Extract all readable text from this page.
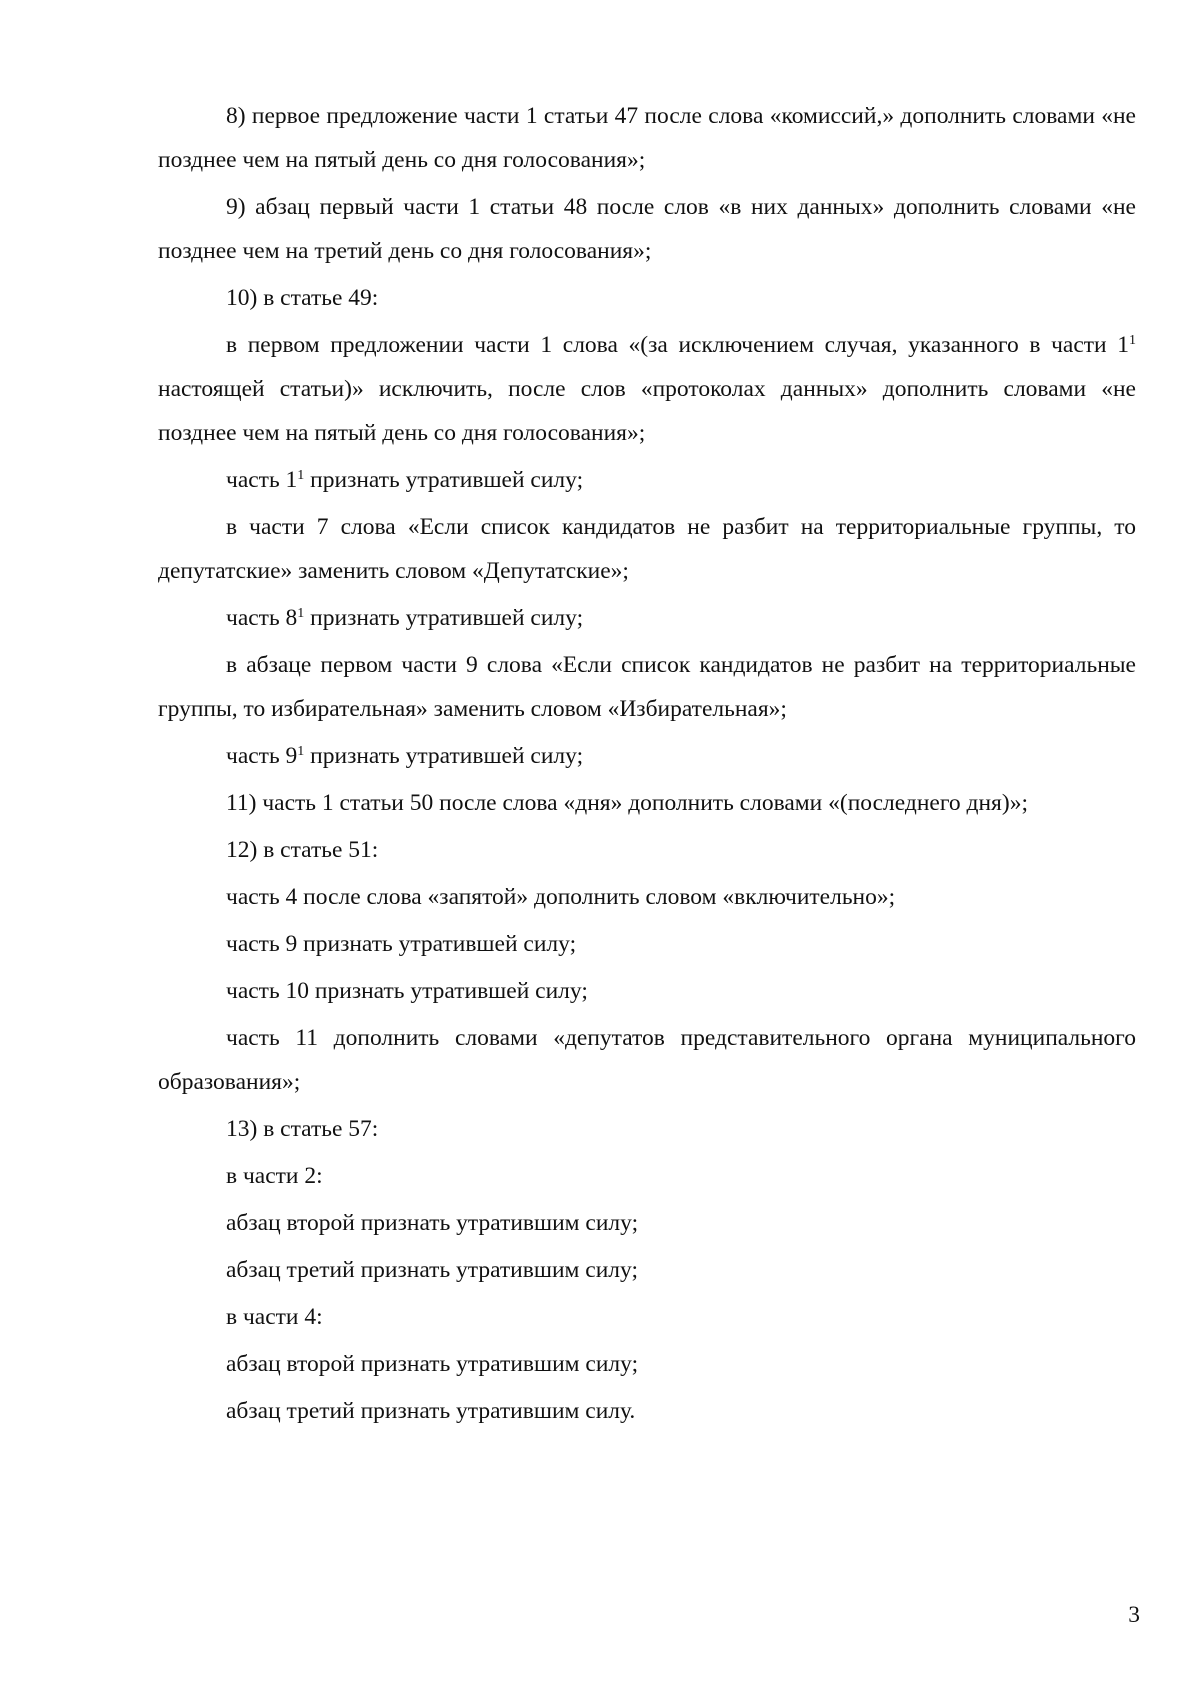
8) первое предложение части 1 статьи 47 после слова «комиссий,» дополнить словами «не позднее чем на пятый день со дня голосования»;

9) абзац первый части 1 статьи 48 после слов «в них данных» дополнить словами «не позднее чем на третий день со дня голосования»;

10) в статье 49:

в первом предложении части 1 слова «(за исключением случая, указанного в части $1^1$ настоящей статьи)» исключить, после слов «протоколах данных» дополнить словами «не позднее чем на пятый день со дня голосования»;

часть $1^1$ признать утратившей силу;

в части 7 слова «Если список кандидатов не разбит на территориальные группы, то депутатские» заменить словом «Депутатские»;

часть $8^1$ признать утратившей силу;

в абзаце первом части 9 слова «Если список кандидатов не разбит на территориальные группы, то избирательная» заменить словом «Избирательная»;

часть $9^1$ признать утратившей силу;

11) часть 1 статьи 50 после слова «дня» дополнить словами «(последнего дня)»;

12) в статье 51:

часть 4 после слова «запятой» дополнить словом «включительно»;

часть 9 признать утратившей силу;

часть 10 признать утратившей силу;

часть 11 дополнить словами «депутатов представительного органа муниципального образования»;

13) в статье 57:

в части 2:

абзац второй признать утратившим силу;

абзац третий признать утратившим силу;

в части 4:

абзац второй признать утратившим силу;

абзац третий признать утратившим силу.

3
